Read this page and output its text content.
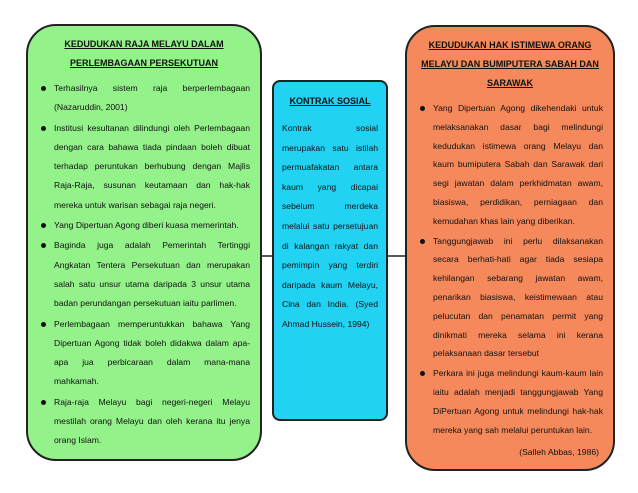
KEDUDUKAN RAJA MELAYU DALAM PERLEMBAGAAN PERSEKUTUAN
Terhasilnya sistem raja berperlembagaan (Nazaruddin, 2001)
Institusi kesultanan dilindungi oleh Perlembagaan dengan cara bahawa tiada pindaan boleh dibuat terhadap peruntukan berhubung dengan Majlis Raja-Raja, susunan keutamaan dan hak-hak mereka untuk warisan sebagai raja negeri.
Yang Dipertuan Agong diberi kuasa memerintah.
Baginda juga adalah Pemerintah Tertinggi Angkatan Tentera Persekutuan dan merupakan salah satu unsur utama daripada 3 unsur utama badan perundangan persekutuan iaitu parlimen.
Perlembagaan memperuntukkan bahawa Yang Dipertuan Agong tidak boleh didakwa dalam apa-apa jua perbicaraan dalam mana-mana mahkamah.
Raja-raja Melayu bagi negeri-negeri Melayu mestilah orang Melayu dan oleh kerana itu jenya orang Islam.
KONTRAK SOSIAL
Kontrak sosial merupakan satu istilah permuafakatan antara kaum yang dicapai sebelum merdeka melalui satu persetujuan di kalangan rakyat dan pemimpin yang terdiri daripada kaum Melayu, Cina dan India. (Syed Ahmad Hussein, 1994)
KEDUDUKAN HAK ISTIMEWA ORANG MELAYU DAN BUMIPUTERA SABAH DAN SARAWAK
Yang Dipertuan Agong dikehendaki untuk melaksanakan dasar bagi melindungi kedudukan istimewa orang Melayu dan kaum bumiputera Sabah dan Sarawak dari segi jawatan dalam perkhidmatan awam, biasiswa, perdidikan, perniagaan dan kemudahan khas lain yang diberikan.
Tanggungjawab ini perlu dilaksanakan secara berhati-hati agar tiada sesiapa kehilangan sebarang jawatan awam, penarikan biasiswa, keistimewaan atau pelucutan dan penamatan permit yang dinikmati mereka selama ini kerana pelaksanaan dasar tersebut
Perkara ini juga melindungi kaum-kaum lain iaitu adalah menjadi tanggungjawab Yang DiPertuan Agong untuk melindungi hak-hak mereka yang sah melalui peruntukan lain.
(Salleh Abbas, 1986)
